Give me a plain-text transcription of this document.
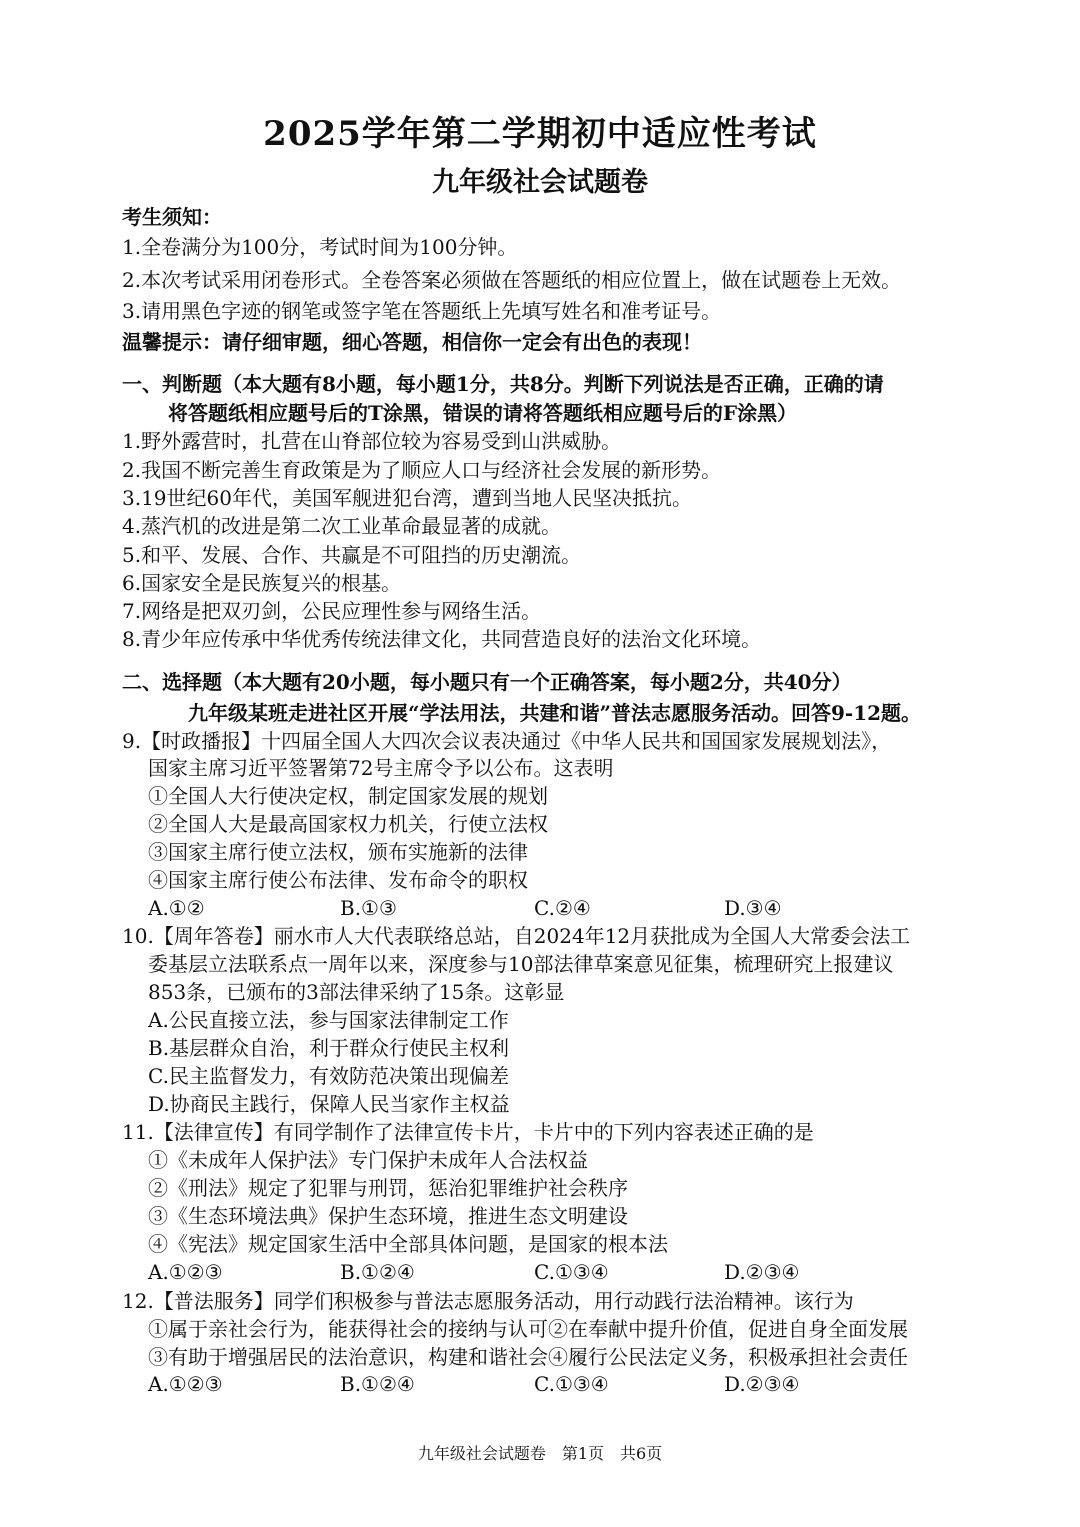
2025学年第二学期初中适应性考试
九年级社会试题卷
考生须知：
1.全卷满分为100分，考试时间为100分钟。
2.本次考试采用闭卷形式。全卷答案必须做在答题纸的相应位置上，做在试题卷上无效。
3.请用黑色字迹的钢笔或签字笔在答题纸上先填写姓名和准考证号。
温馨提示：请仔细审题，细心答题，相信你一定会有出色的表现！
一、判断题（本大题有8小题，每小题1分，共8分。判断下列说法是否正确，正确的请
将答题纸相应题号后的T涂黑，错误的请将答题纸相应题号后的F涂黑）
1.野外露营时，扎营在山脊部位较为容易受到山洪威胁。
2.我国不断完善生育政策是为了顺应人口与经济社会发展的新形势。
3.19世纪60年代，美国军舰进犯台湾，遭到当地人民坚决抵抗。
4.蒸汽机的改进是第二次工业革命最显著的成就。
5.和平、发展、合作、共赢是不可阻挡的历史潮流。
6.国家安全是民族复兴的根基。
7.网络是把双刃剑，公民应理性参与网络生活。
8.青少年应传承中华优秀传统法律文化，共同营造良好的法治文化环境。
二、选择题（本大题有20小题，每小题只有一个正确答案，每小题2分，共40分）
九年级某班走进社区开展“学法用法，共建和谐”普法志愿服务活动。回答9-12题。
9.【时政播报】十四届全国人大四次会议表决通过《中华人民共和国国家发展规划法》，
国家主席习近平签署第72号主席令予以公布。这表明
①全国人大行使决定权，制定国家发展的规划
②全国人大是最高国家权力机关，行使立法权
③国家主席行使立法权，颁布实施新的法律
④国家主席行使公布法律、发布命令的职权
A.①②	B.①③	C.②④	D.③④
10.【周年答卷】丽水市人大代表联络总站，自2024年12月获批成为全国人大常委会法工
委基层立法联系点一周年以来，深度参与10部法律草案意见征集，梳理研究上报建议
853条，已颁布的3部法律采纳了15条。这彰显
A.公民直接立法，参与国家法律制定工作
B.基层群众自治，利于群众行使民主权利
C.民主监督发力，有效防范决策出现偏差
D.协商民主践行，保障人民当家作主权益
11.【法律宣传】有同学制作了法律宣传卡片，卡片中的下列内容表述正确的是
①《未成年人保护法》专门保护未成年人合法权益
②《刑法》规定了犯罪与刑罚，惩治犯罪维护社会秩序
③《生态环境法典》保护生态环境，推进生态文明建设
④《宪法》规定国家生活中全部具体问题，是国家的根本法
A.①②③	B.①②④	C.①③④	D.②③④
12.【普法服务】同学们积极参与普法志愿服务活动，用行动践行法治精神。该行为
①属于亲社会行为，能获得社会的接纳与认可②在奉献中提升价值，促进自身全面发展
③有助于增强居民的法治意识，构建和谐社会④履行公民法定义务，积极承担社会责任
A.①②③	B.①②④	C.①③④	D.②③④
九年级社会试题卷　第1页　共6页
